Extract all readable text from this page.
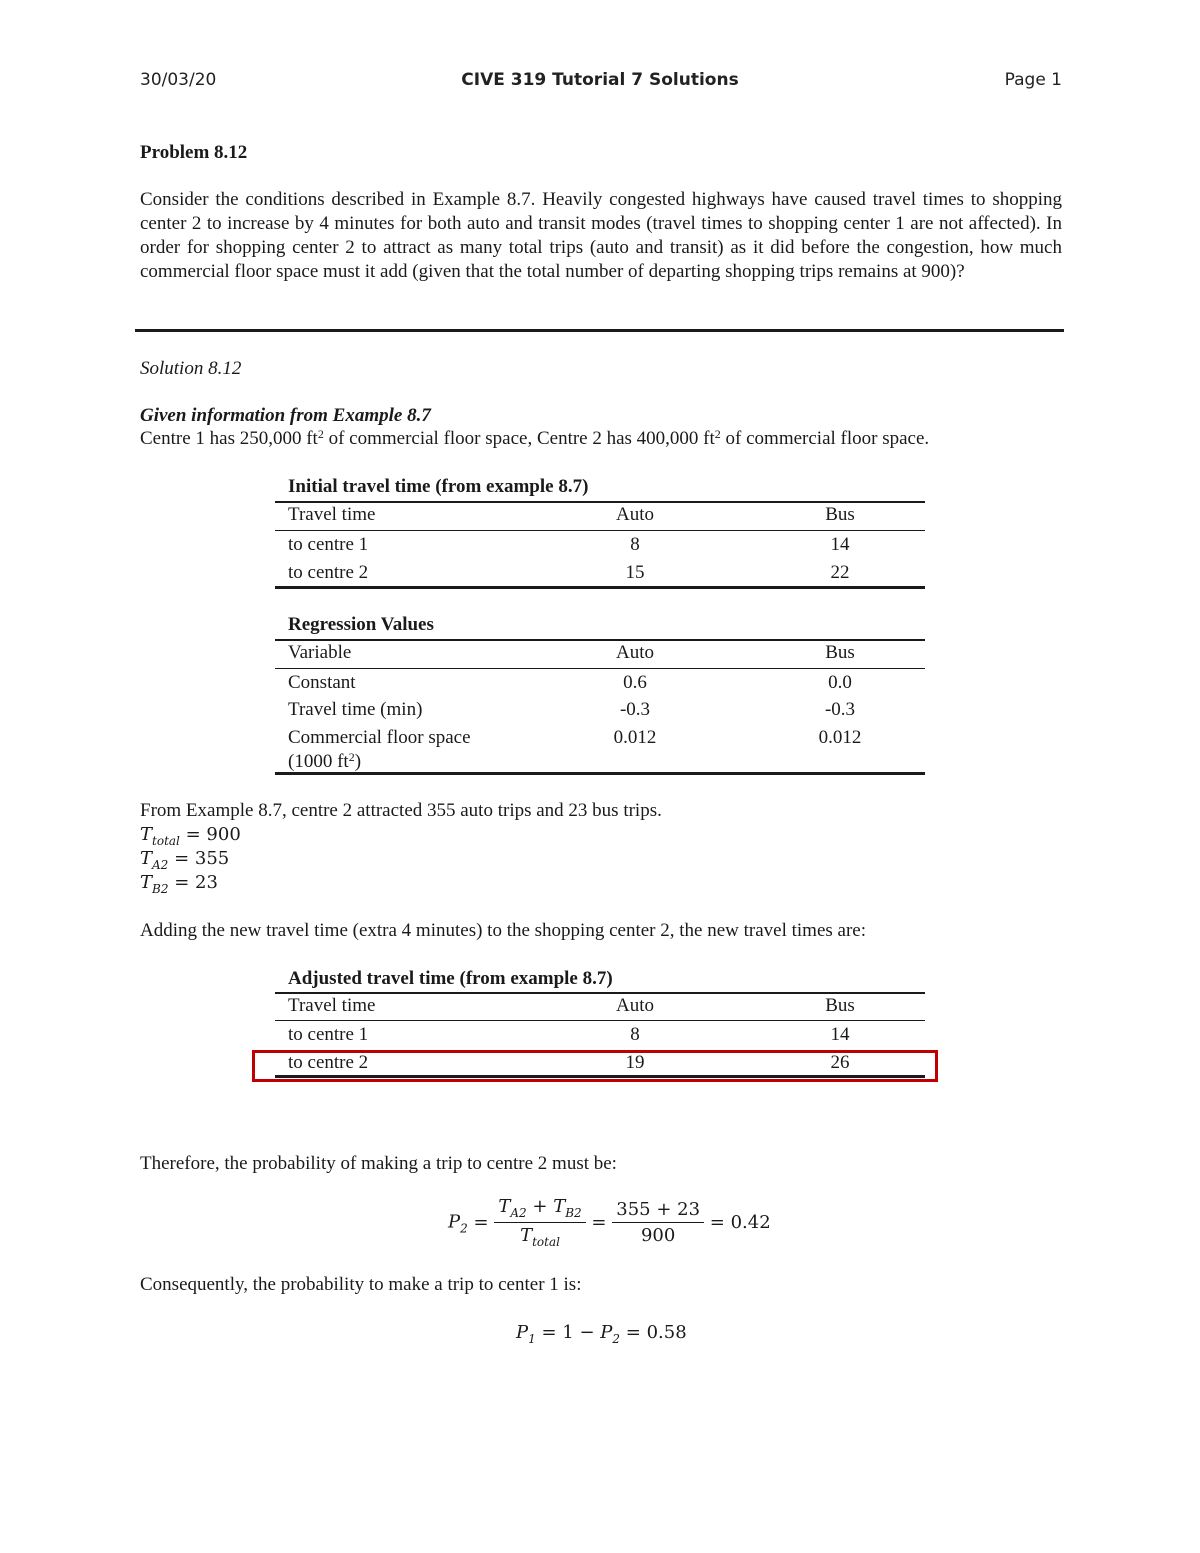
30/03/20	CIVE 319 Tutorial 7 Solutions	Page 1
Problem 8.12

Consider the conditions described in Example 8.7. Heavily congested highways have caused travel times to shopping center 2 to increase by 4 minutes for both auto and transit modes (travel times to shopping center 1 are not affected). In order for shopping center 2 to attract as many total trips (auto and transit) as it did before the congestion, how much commercial floor space must it add (given that the total number of departing shopping trips remains at 900)?

Solution 8.12
Given information from Example 8.7
Centre 1 has 250,000 $ft^2$ of commercial floor space, Centre 2 has 400,000 $ft^2$ of commercial floor space.
Initial travel time (from example 8.7)
Travel time	Auto	Bus
to centre 1	8	14
to centre 2	15	22
Regression Values
Variable	Auto	Bus
Constant	0.6	0.0
Travel time (min)	-0.3	-0.3
Commercial floor space	0.012	0.012
(1000 $ft^2$)
From Example 8.7, centre 2 attracted 355 auto trips and 23 bus trips.
$T_{total} = 900$
$T_{A2} = 355$
$T_{B2} = 23$
Adding the new travel time (extra 4 minutes) to the shopping center 2, the new travel times are:
Adjusted travel time (from example 8.7)
Travel time	Auto	Bus
to centre 1	8	14
to centre 2	19	26
Therefore, the probability of making a trip to centre 2 must be:
$P_2 = \frac{T_{A2} + T_{B2}}{T_{total}} = \frac{355 + 23}{900} = 0.42$
Consequently, the probability to make a trip to center 1 is:
$P_1 = 1 - P_2 = 0.58$
